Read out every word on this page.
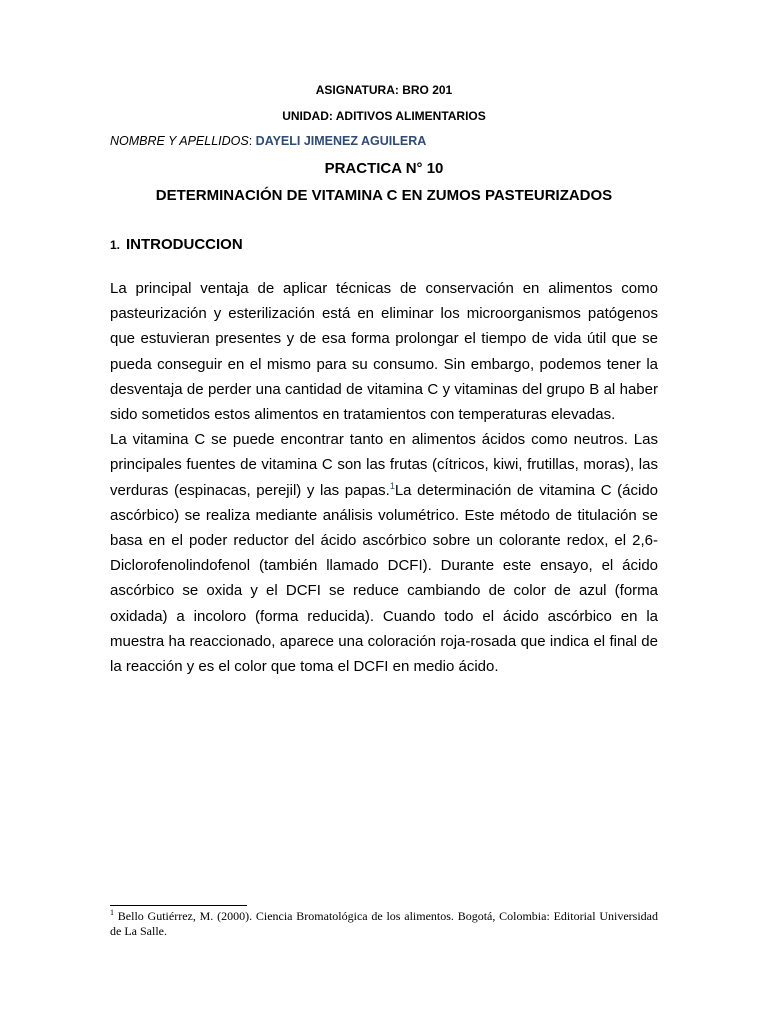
ASIGNATURA: BRO 201
UNIDAD: ADITIVOS ALIMENTARIOS
NOMBRE Y APELLIDOS: DAYELI JIMENEZ AGUILERA
PRACTICA N° 10
DETERMINACIÓN DE VITAMINA C EN ZUMOS PASTEURIZADOS
1. INTRODUCCION

La principal ventaja de aplicar técnicas de conservación en alimentos como pasteurización y esterilización está en eliminar los microorganismos patógenos que estuvieran presentes y de esa forma prolongar el tiempo de vida útil que se pueda conseguir en el mismo para su consumo. Sin embargo, podemos tener la desventaja de perder una cantidad de vitamina C y vitaminas del grupo B al haber sido sometidos estos alimentos en tratamientos con temperaturas elevadas.

La vitamina C se puede encontrar tanto en alimentos ácidos como neutros. Las principales fuentes de vitamina C son las frutas (cítricos, kiwi, frutillas, moras), las verduras (espinacas, perejil) y las papas.$^1$La determinación de vitamina C (ácido ascórbico) se realiza mediante análisis volumétrico. Este método de titulación se basa en el poder reductor del ácido ascórbico sobre un colorante redox, el 2,6- Diclorofenolindofenol (también llamado DCFI). Durante este ensayo, el ácido ascórbico se oxida y el DCFI se reduce cambiando de color de azul (forma oxidada) a incoloro (forma reducida). Cuando todo el ácido ascórbico en la muestra ha reaccionado, aparece una coloración roja-rosada que indica el final de la reacción y es el color que toma el DCFI en medio ácido.

$^1$ Bello Gutiérrez, M. (2000). Ciencia Bromatológica de los alimentos. Bogotá, Colombia: Editorial Universidad de La Salle.
